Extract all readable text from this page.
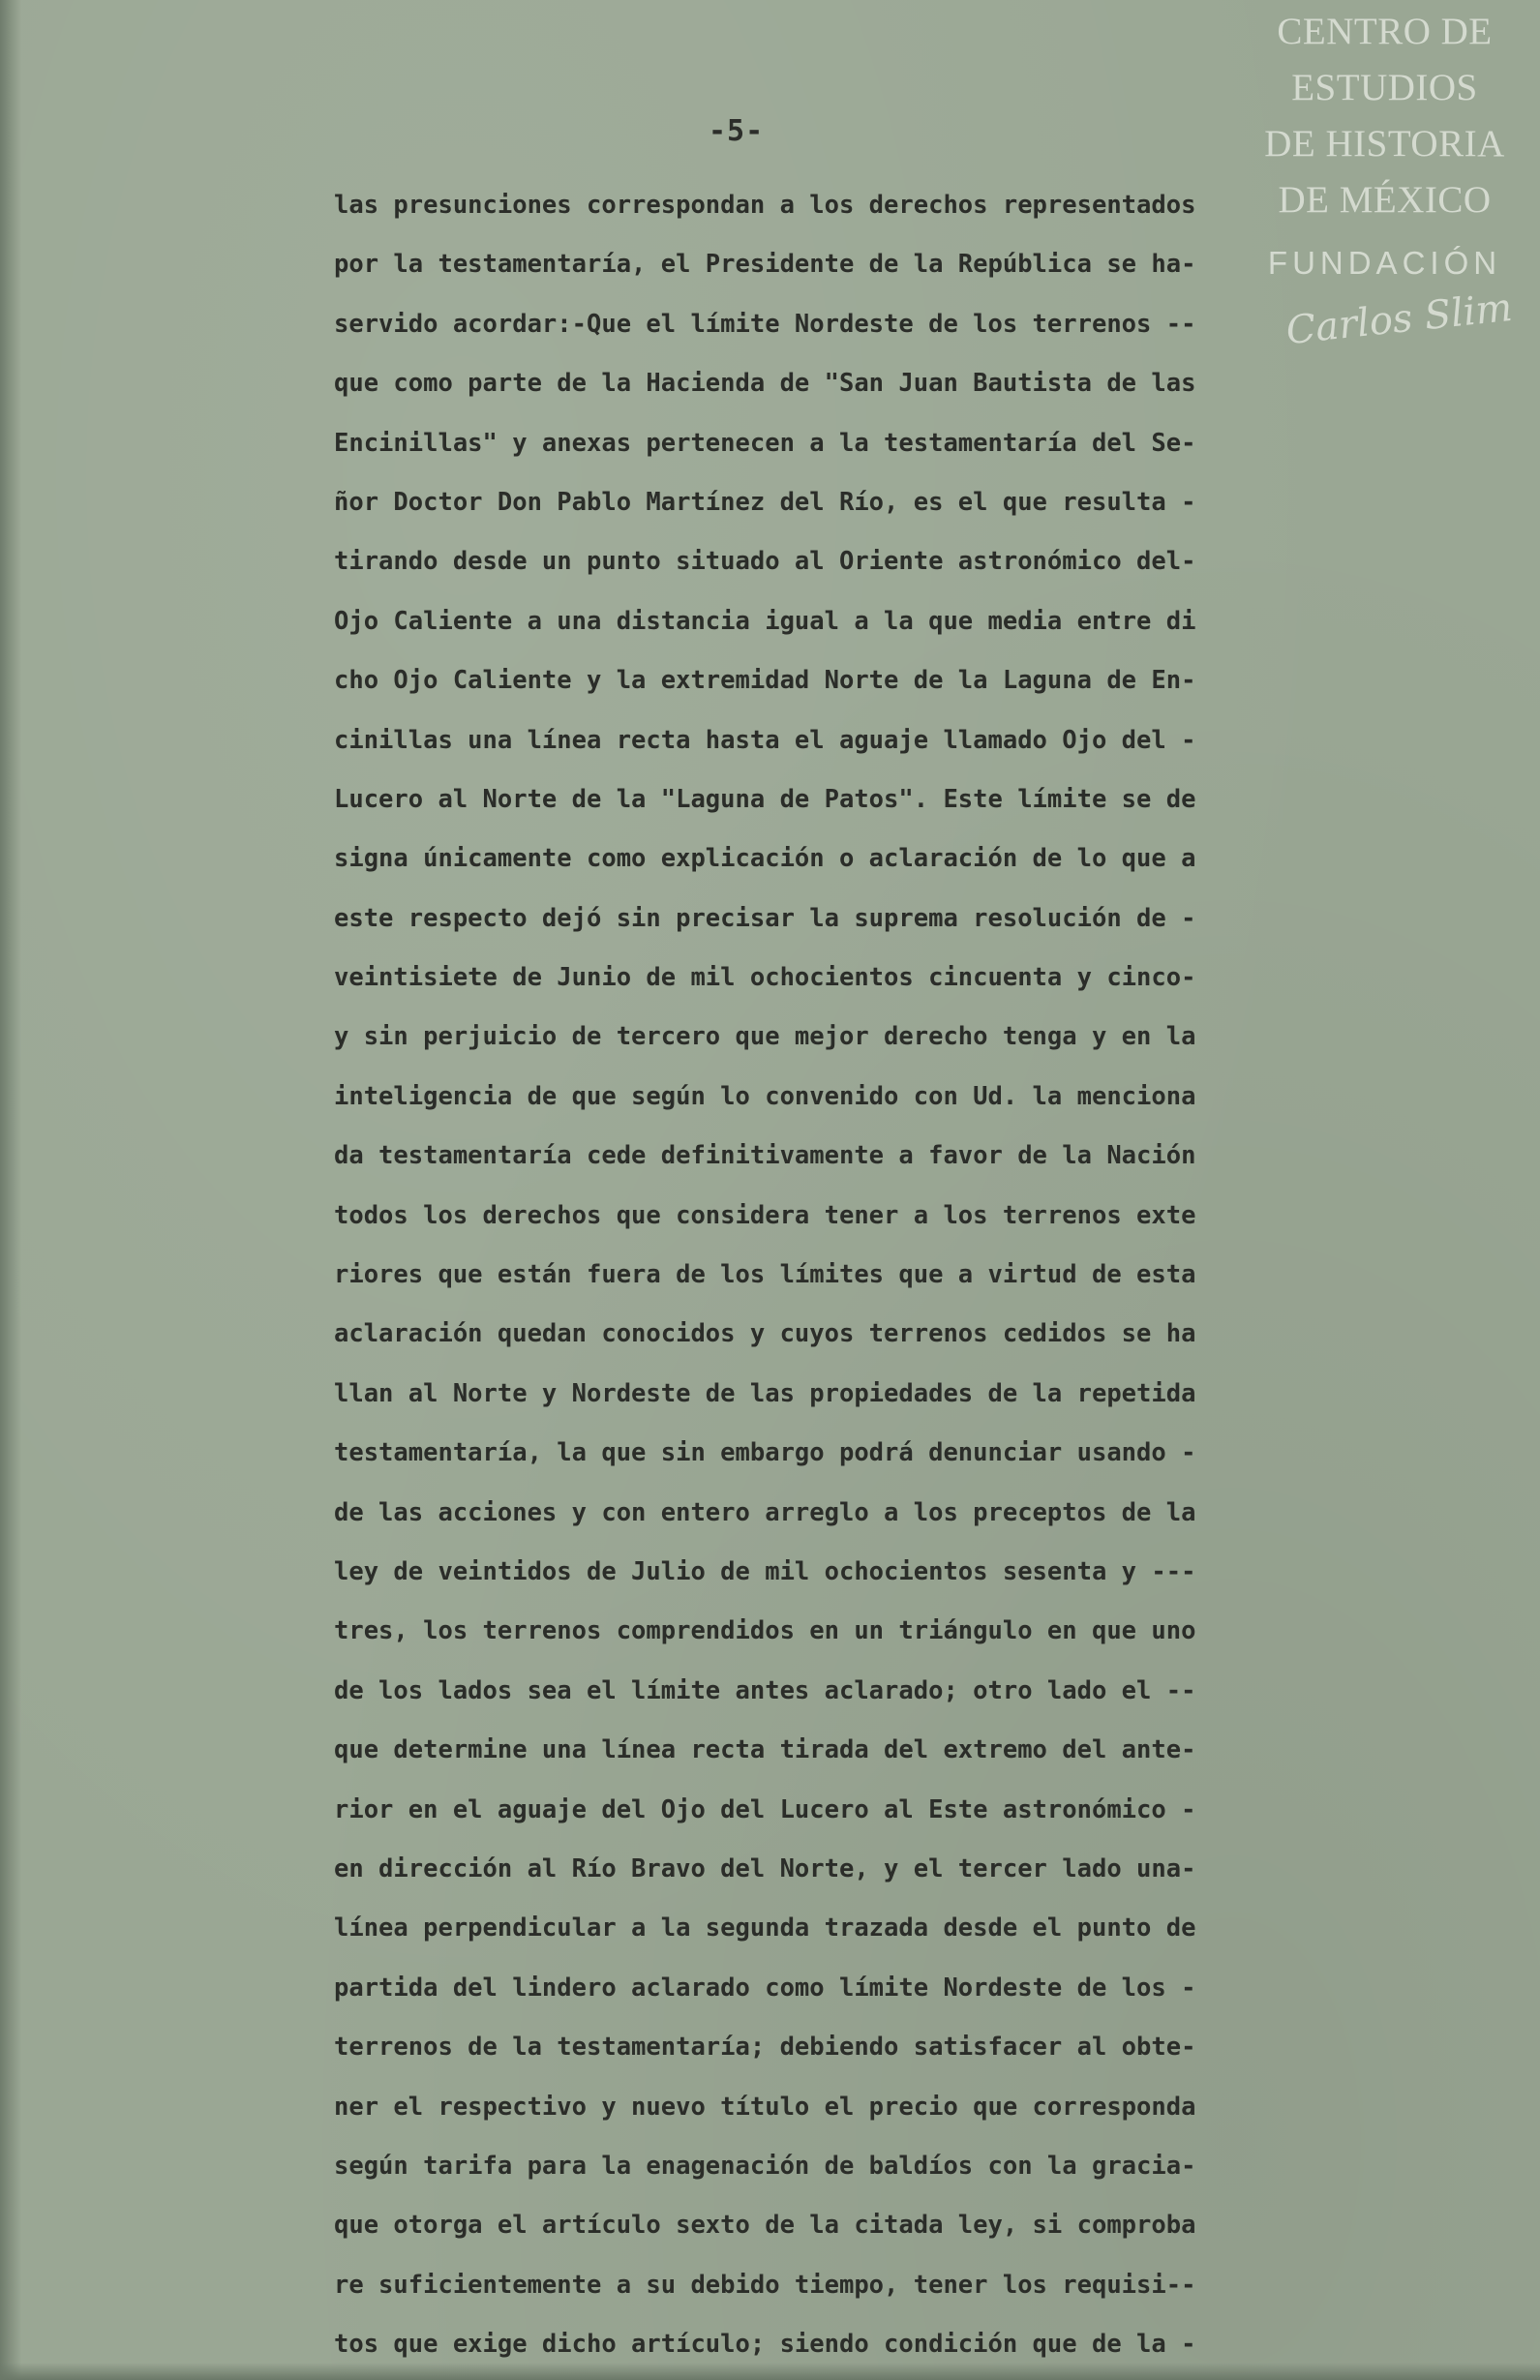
-5-
las presunciones correspondan a los derechos representados
por la testamentaría, el Presidente de la República se ha-
servido acordar:-Que el límite Nordeste de los terrenos --
que como parte de la Hacienda de "San Juan Bautista de las
Encinillas" y anexas pertenecen a la testamentaría del Se-
ñor Doctor Don Pablo Martínez del Río, es el que resulta -
tirando desde un punto situado al Oriente astronómico del-
Ojo Caliente a una distancia igual a la que media entre di
cho Ojo Caliente y la extremidad Norte de la Laguna de En-
cinillas una línea recta hasta el aguaje llamado Ojo del -
Lucero al Norte de la "Laguna de Patos". Este límite se de
signa únicamente como explicación o aclaración de lo que a
este respecto dejó sin precisar la suprema resolución de -
veintisiete de Junio de mil ochocientos cincuenta y cinco-
y sin perjuicio de tercero que mejor derecho tenga y en la
inteligencia de que según lo convenido con Ud. la menciona
da testamentaría cede definitivamente a favor de la Nación
todos los derechos que considera tener a los terrenos exte
riores que están fuera de los límites que a virtud de esta
aclaración quedan conocidos y cuyos terrenos cedidos se ha
llan al Norte y Nordeste de las propiedades de la repetida
testamentaría, la que sin embargo podrá denunciar usando -
de las acciones y con entero arreglo a los preceptos de la
ley de veintidos de Julio de mil ochocientos sesenta y ---
tres, los terrenos comprendidos en un triángulo en que uno
de los lados sea el límite antes aclarado; otro lado el --
que determine una línea recta tirada del extremo del ante-
rior en el aguaje del Ojo del Lucero al Este astronómico -
en dirección al Río Bravo del Norte, y el tercer lado una-
línea perpendicular a la segunda trazada desde el punto de
partida del lindero aclarado como límite Nordeste de los -
terrenos de la testamentaría; debiendo satisfacer al obte-
ner el respectivo y nuevo título el precio que corresponda
según tarifa para la enagenación de baldíos con la gracia-
que otorga el artículo sexto de la citada ley, si comproba
re suficientemente a su debido tiempo, tener los requisi--
tos que exige dicho artículo; siendo condición que de la -
CENTRO DE
ESTUDIOS
DE HISTORIA
DE MÉXICO
FUNDACIÓN
Carlos Slim
